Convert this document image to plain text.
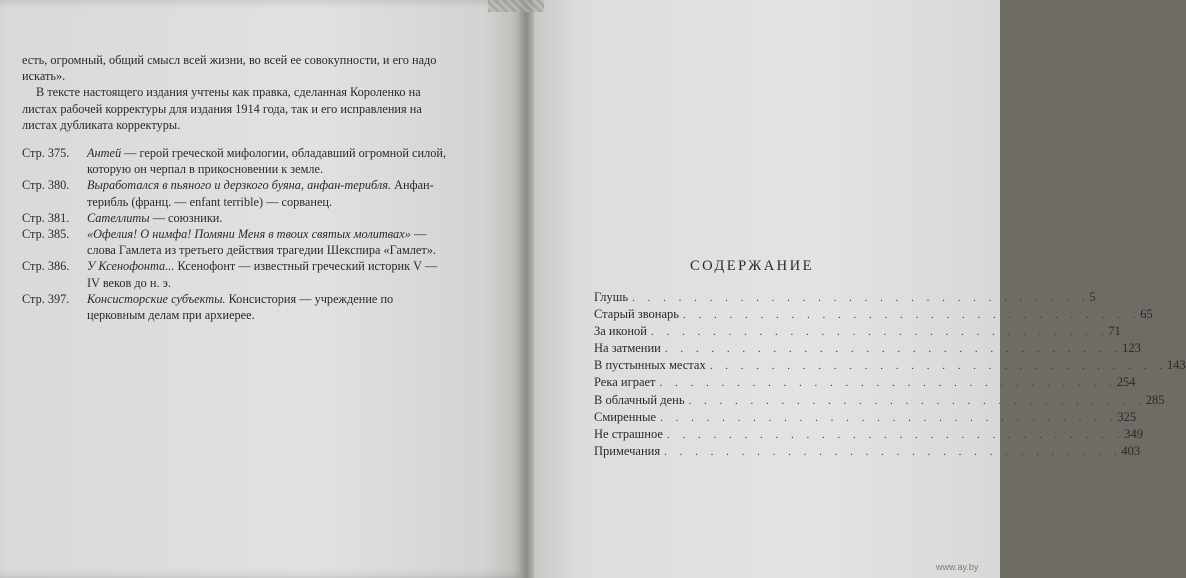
есть, огромный, общий смысл всей жизни, во всей ее совокупности, и его надо искать».

В тексте настоящего издания учтены как правка, сделанная Короленко на листах рабочей корректуры для издания 1914 года, так и его исправления на листах дубликата корректуры.

Стр. 375. Антей — герой греческой мифологии, обладавший огромной силой, которую он черпал в прикосновении к земле.

Стр. 380. Выработался в пьяного и дерзкого буяна, анфан-терибля. Анфан-терибль (франц. — enfant terrible) — сорванец.

Стр. 381. Сателлиты — союзники.

Стр. 385. «Офелия! О нимфа! Помяни Меня в твоих святых молитвах» — слова Гамлета из третьего действия трагедии Шекспира «Гамлет».

Стр. 386. У Ксенофонта... Ксенофонт — известный греческий историк V — IV веков до н. э.

Стр. 397. Консисторские субъекты. Консистория — учреждение по церковным делам при архиерее.

СОДЕРЖАНИЕ
Глушь . . . . . . . . . . . . . . . . . . . . . . . . . . . . . . 5
Старый звонарь . . . . . . . . . . . . . . . . . . . . . . . . . . . . . . 65
За иконой . . . . . . . . . . . . . . . . . . . . . . . . . . . . . . 71
На затмении . . . . . . . . . . . . . . . . . . . . . . . . . . . . . . 123
В пустынных местах . . . . . . . . . . . . . . . . . . . . . . . . . . . . . . 143
Река играет . . . . . . . . . . . . . . . . . . . . . . . . . . . . . . 254
В облачный день . . . . . . . . . . . . . . . . . . . . . . . . . . . . . . 285
Смиренные . . . . . . . . . . . . . . . . . . . . . . . . . . . . . . 325
Не страшное . . . . . . . . . . . . . . . . . . . . . . . . . . . . . . 349
Примечания . . . . . . . . . . . . . . . . . . . . . . . . . . . . . . 403
www.ay.by
